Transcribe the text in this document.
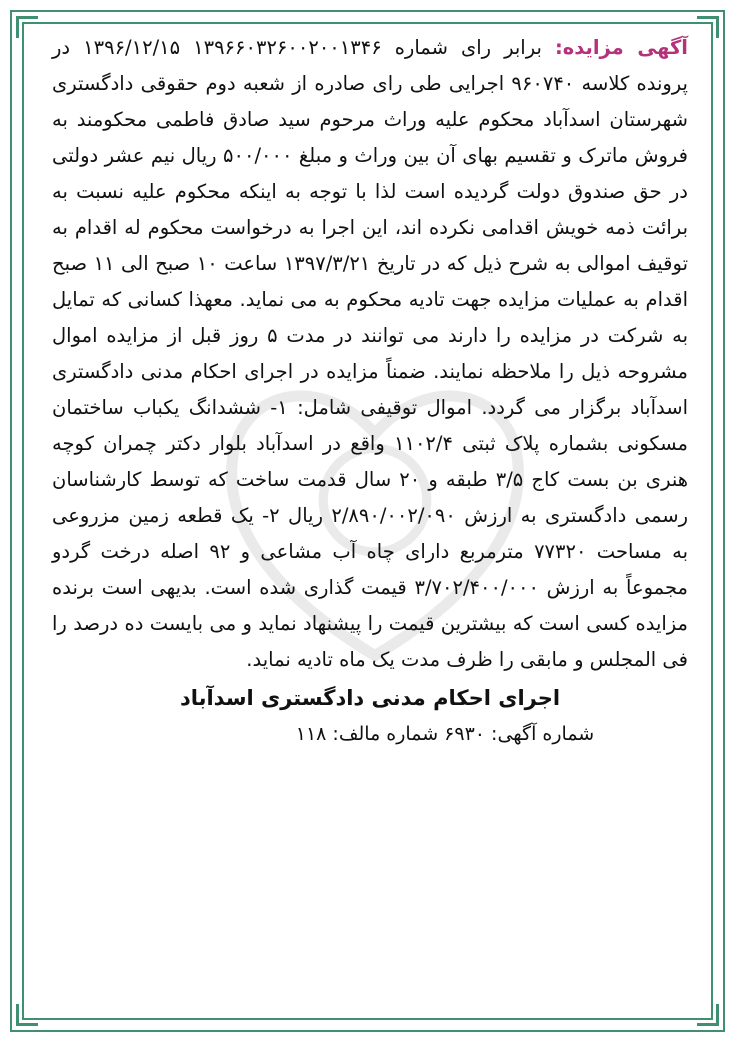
آگهی مزایده: برابر رای شماره ۱۳۹۶۶۰۳۲۶۰۰۲۰۰۱۳۴۶ ۱۳۹۶/۱۲/۱۵ در پرونده کلاسه ۹۶۰۷۴۰ اجرایی طی رای صادره از شعبه دوم حقوقی دادگستری شهرستان اسدآباد محکوم علیه وراث مرحوم سید صادق فاطمی محکومند به فروش ماترک و تقسیم بهای آن بین وراث و مبلغ ۵۰۰/۰۰۰ ریال نیم عشر دولتی در حق صندوق دولت گردیده است لذا با توجه به اینکه محکوم علیه نسبت به برائت ذمه خویش اقدامی نکرده اند، این اجرا به درخواست محکوم له اقدام به توقیف اموالی به شرح ذیل که در تاریخ ۱۳۹۷/۳/۲۱ ساعت ۱۰ صبح الی ۱۱ صبح اقدام به عملیات مزایده جهت تادیه محکوم به می نماید. معهذا کسانی که تمایل به شرکت در مزایده را دارند می توانند در مدت ۵ روز قبل از مزایده اموال مشروحه ذیل را ملاحظه نمایند. ضمناً مزایده در اجرای احکام مدنی دادگستری اسدآباد برگزار می گردد. اموال توقیفی شامل: ۱- ششدانگ یکباب ساختمان مسکونی بشماره پلاک ثبتی ۱۱۰۲/۴ واقع در اسدآباد بلوار دکتر چمران کوچه هنری بن بست کاج ۳/۵ طبقه و ۲۰ سال قدمت ساخت که توسط کارشناسان رسمی دادگستری به ارزش ۲/۸۹۰/۰۰۲/۰۹۰ ریال ۲- یک قطعه زمین مزروعی به مساحت ۷۷۳۲۰ مترمربع دارای چاه آب مشاعی و ۹۲ اصله درخت گردو مجموعاً به ارزش ۳/۷۰۲/۴۰۰/۰۰۰ قیمت گذاری شده است. بدیهی است برنده مزایده کسی است که بیشترین قیمت را پیشنهاد نماید و می بایست ده درصد را فی المجلس و مابقی را ظرف مدت یک ماه تادیه نماید.

اجرای احکام مدنی دادگستری اسدآباد
شماره آگهی: ۶۹۳۰ شماره مالف: ۱۱۸
